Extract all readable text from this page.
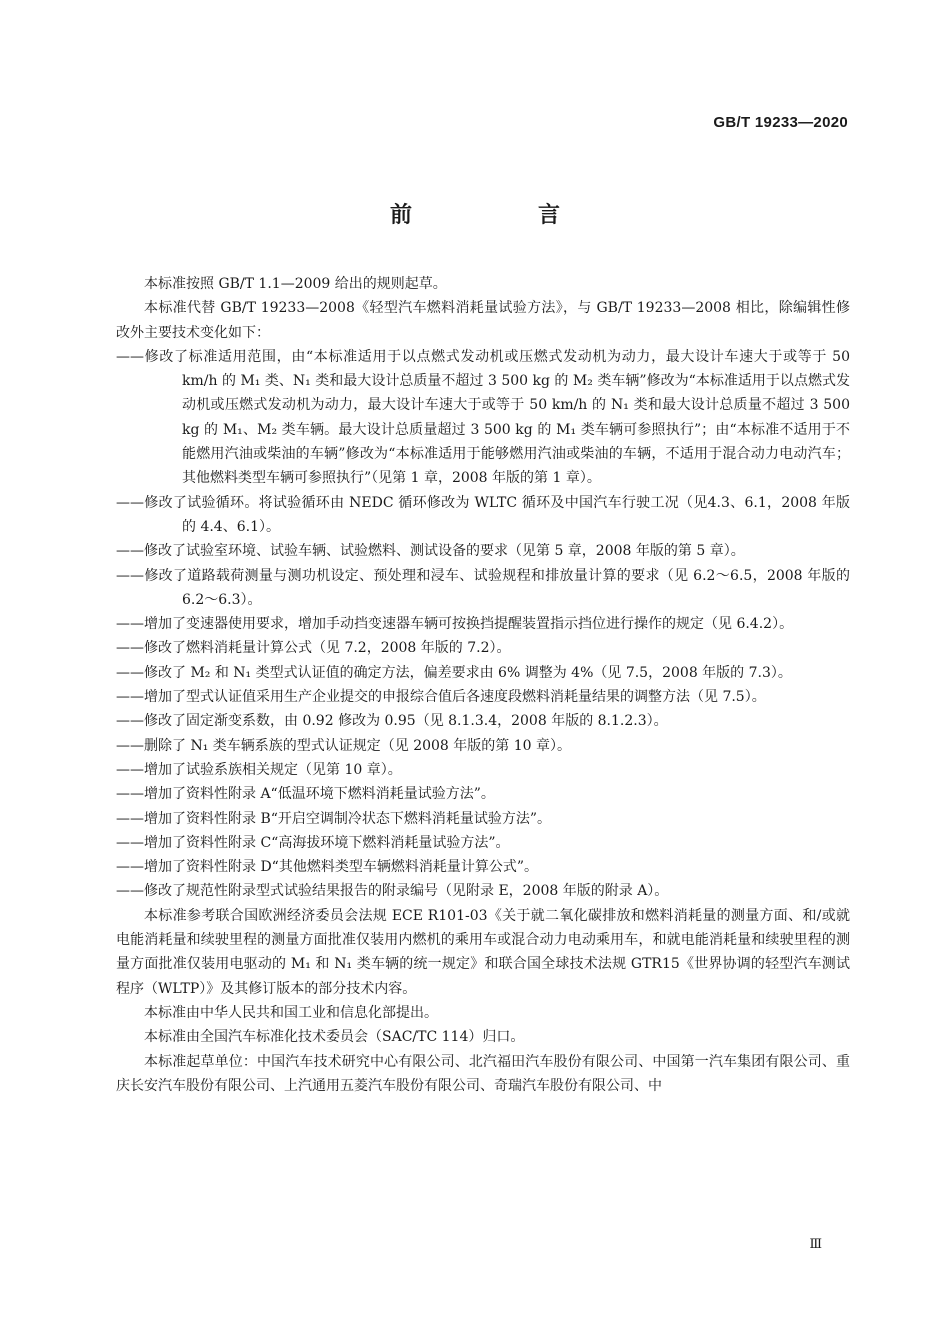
GB/T 19233—2020
前　言

本标准按照 GB/T 1.1—2009 给出的规则起草。

本标准代替 GB/T 19233—2008《轻型汽车燃料消耗量试验方法》，与 GB/T 19233—2008 相比，除编辑性修改外主要技术变化如下：

——修改了标准适用范围，由“本标准适用于以点燃式发动机或压燃式发动机为动力，最大设计车速大于或等于 50 km/h 的 M₁ 类、N₁ 类和最大设计总质量不超过 3 500 kg 的 M₂ 类车辆”修改为“本标准适用于以点燃式发动机或压燃式发动机为动力，最大设计车速大于或等于 50 km/h 的 N₁ 类和最大设计总质量不超过 3 500 kg 的 M₁、M₂ 类车辆。最大设计总质量超过 3 500 kg 的 M₁ 类车辆可参照执行”；由“本标准不适用于不能燃用汽油或柴油的车辆”修改为“本标准适用于能够燃用汽油或柴油的车辆，不适用于混合动力电动汽车；其他燃料类型车辆可参照执行”（见第 1 章，2008 年版的第 1 章）。

——修改了试验循环。将试验循环由 NEDC 循环修改为 WLTC 循环及中国汽车行驶工况（见4.3、6.1，2008 年版的 4.4、6.1）。

——修改了试验室环境、试验车辆、试验燃料、测试设备的要求（见第 5 章，2008 年版的第 5 章）。

——修改了道路载荷测量与测功机设定、预处理和浸车、试验规程和排放量计算的要求（见 6.2～6.5，2008 年版的 6.2～6.3）。

——增加了变速器使用要求，增加手动挡变速器车辆可按换挡提醒装置指示挡位进行操作的规定（见 6.4.2）。

——修改了燃料消耗量计算公式（见 7.2，2008 年版的 7.2）。

——修改了 M₂ 和 N₁ 类型式认证值的确定方法，偏差要求由 6% 调整为 4%（见 7.5，2008 年版的 7.3）。

——增加了型式认证值采用生产企业提交的申报综合值后各速度段燃料消耗量结果的调整方法（见 7.5）。

——修改了固定渐变系数，由 0.92 修改为 0.95（见 8.1.3.4，2008 年版的 8.1.2.3）。

——删除了 N₁ 类车辆系族的型式认证规定（见 2008 年版的第 10 章）。

——增加了试验系族相关规定（见第 10 章）。

——增加了资料性附录 A“低温环境下燃料消耗量试验方法”。

——增加了资料性附录 B“开启空调制冷状态下燃料消耗量试验方法”。

——增加了资料性附录 C“高海拔环境下燃料消耗量试验方法”。

——增加了资料性附录 D“其他燃料类型车辆燃料消耗量计算公式”。

——修改了规范性附录型式试验结果报告的附录编号（见附录 E，2008 年版的附录 A）。

本标准参考联合国欧洲经济委员会法规 ECE R101-03《关于就二氧化碳排放和燃料消耗量的测量方面、和/或就电能消耗量和续驶里程的测量方面批准仅装用内燃机的乘用车或混合动力电动乘用车，和就电能消耗量和续驶里程的测量方面批准仅装用电驱动的 M₁ 和 N₁ 类车辆的统一规定》和联合国全球技术法规 GTR15《世界协调的轻型汽车测试程序（WLTP）》及其修订版本的部分技术内容。

本标准由中华人民共和国工业和信息化部提出。

本标准由全国汽车标准化技术委员会（SAC/TC 114）归口。

本标准起草单位：中国汽车技术研究中心有限公司、北汽福田汽车股份有限公司、中国第一汽车集团有限公司、重庆长安汽车股份有限公司、上汽通用五菱汽车股份有限公司、奇瑞汽车股份有限公司、中

Ⅲ
